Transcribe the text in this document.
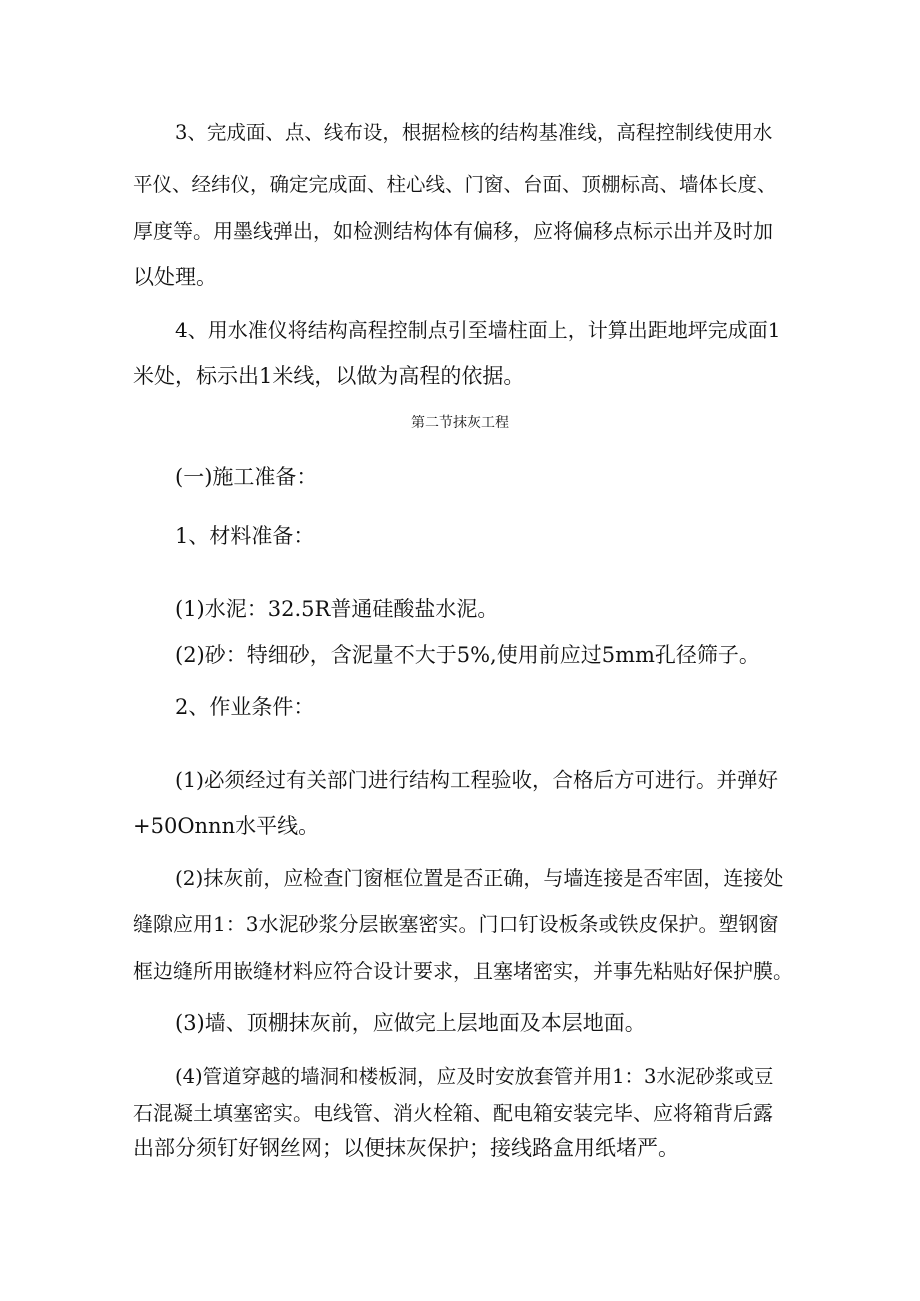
3、完成面、点、线布设，根据检核的结构基准线，高程控制线使用水
平仪、经纬仪，确定完成面、柱心线、门窗、台面、顶棚标高、墙体长度、
厚度等。用墨线弹出，如检测结构体有偏移，应将偏移点标示出并及时加
以处理。
4、用水准仪将结构高程控制点引至墙柱面上，计算出距地坪完成面1
米处，标示出1米线，以做为高程的依据。
第二节抹灰工程
(一)施工准备：
1、材料准备：
(1)水泥：32.5R普通硅酸盐水泥。
(2)砂：特细砂，含泥量不大于5%,使用前应过5mm孔径筛子。
2、作业条件：
(1)必须经过有关部门进行结构工程验收，合格后方可进行。并弹好
+50Onnn水平线。
(2)抹灰前，应检查门窗框位置是否正确，与墙连接是否牢固，连接处
缝隙应用1：3水泥砂浆分层嵌塞密实。门口钉设板条或铁皮保护。塑钢窗
框边缝所用嵌缝材料应符合设计要求，且塞堵密实，并事先粘贴好保护膜。
(3)墙、顶棚抹灰前，应做完上层地面及本层地面。
(4)管道穿越的墙洞和楼板洞，应及时安放套管并用1：3水泥砂浆或豆
石混凝土填塞密实。电线管、消火栓箱、配电箱安装完毕、应将箱背后露
出部分须钉好钢丝网；以便抹灰保护；接线路盒用纸堵严。
